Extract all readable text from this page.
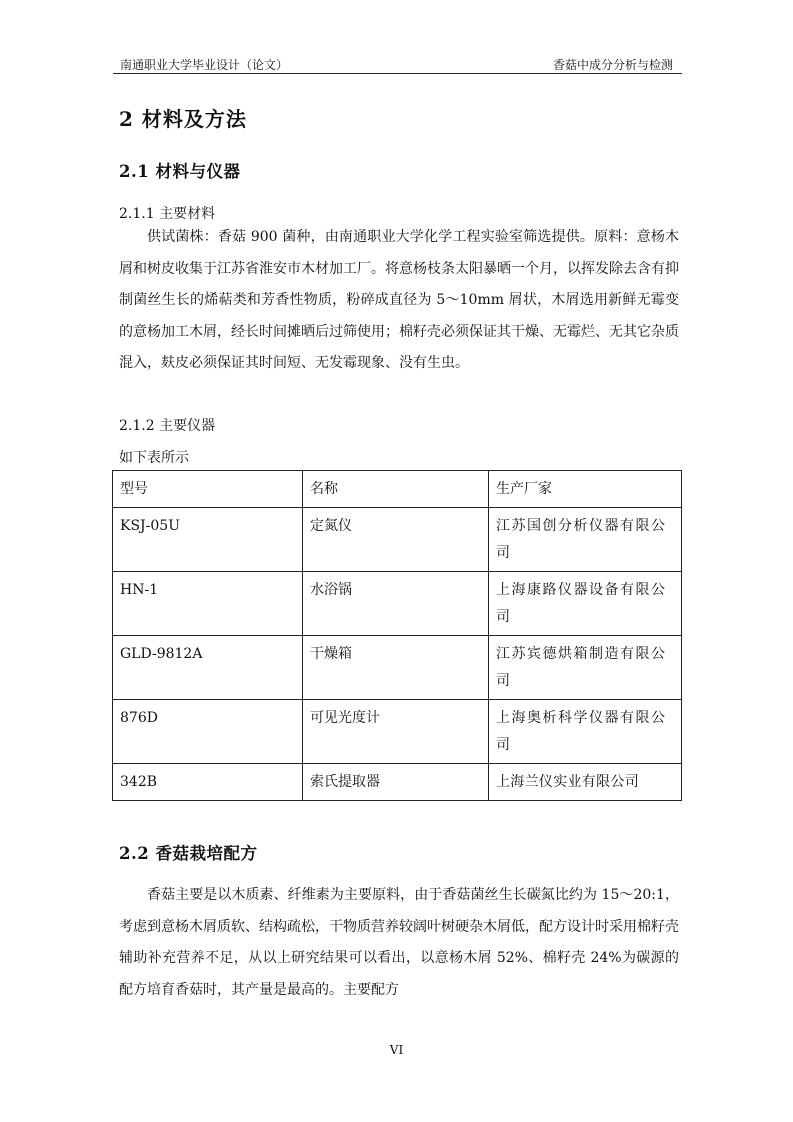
南通职业大学毕业设计（论文）	香菇中成分分析与检测
2 材料及方法
2.1 材料与仪器
2.1.1 主要材料

供试菌株：香菇 900 菌种，由南通职业大学化学工程实验室筛选提供。原料：意杨木屑和树皮收集于江苏省淮安市木材加工厂。将意杨枝条太阳暴晒一个月，以挥发除去含有抑制菌丝生长的烯萜类和芳香性物质，粉碎成直径为 5～10mm 屑状，木屑选用新鲜无霉变的意杨加工木屑，经长时间摊晒后过筛使用；棉籽壳必须保证其干燥、无霉烂、无其它杂质混入，麸皮必须保证其时间短、无发霉现象、没有生虫。

2.1.2 主要仪器
如下表所示
型号	名称	生产厂家
KSJ-05U	定氮仪	江苏国创分析仪器有限公司
HN-1	水浴锅	上海康路仪器设备有限公司
GLD-9812A	干燥箱	江苏宾德烘箱制造有限公司
876D	可见光度计	上海奥析科学仪器有限公司
342B	索氏提取器	上海兰仪实业有限公司
2.2 香菇栽培配方

香菇主要是以木质素、纤维素为主要原料，由于香菇菌丝生长碳氮比约为 15～20:1，考虑到意杨木屑质软、结构疏松，干物质营养较阔叶树硬杂木屑低，配方设计时采用棉籽壳辅助补充营养不足，从以上研究结果可以看出，以意杨木屑 52%、棉籽壳 24%为碳源的配方培育香菇时，其产量是最高的。主要配方

VI
